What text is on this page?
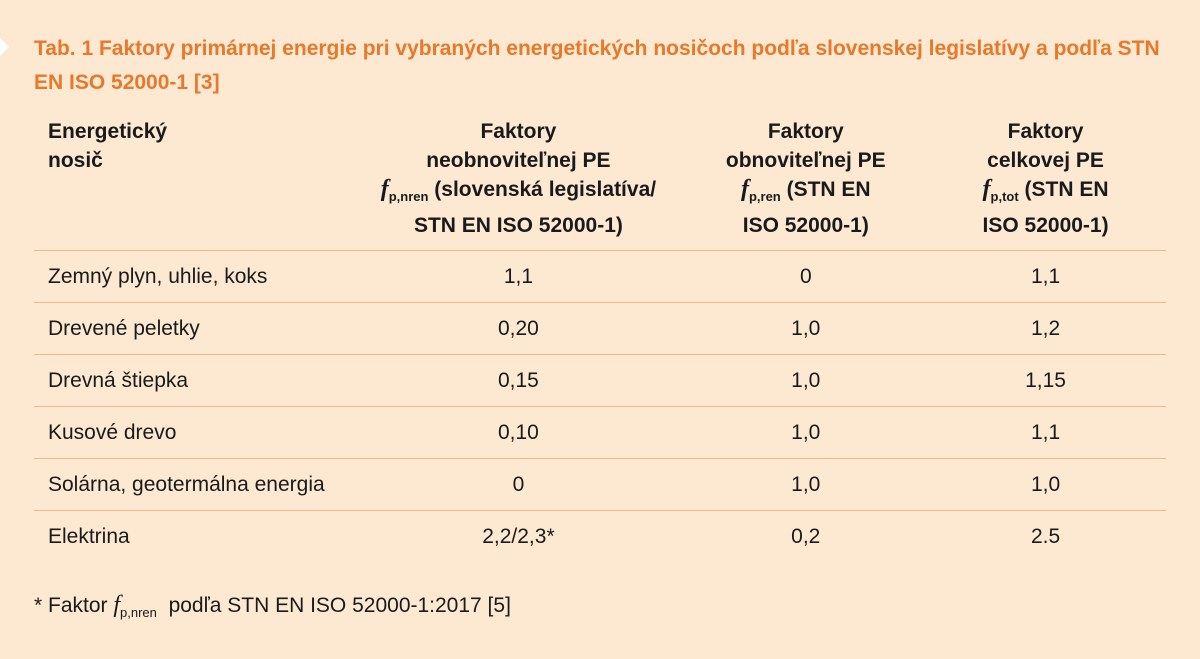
Tab. 1 Faktory primárnej energie pri vybraných energetických nosičoch podľa slovenskej legislatívy a podľa STN EN ISO 52000-1 [3]
Energetický
nosič	Faktory
neobnoviteľnej PE
$f_{p,nren}$ (slovenská legislatíva/
STN EN ISO 52000-1)	Faktory
obnoviteľnej PE
$f_{p,ren}$ (STN EN
ISO 52000-1)	Faktory
celkovej PE
$f_{p,tot}$ (STN EN
ISO 52000-1)
Zemný plyn, uhlie, koks	1,1	0	1,1
Drevené peletky	0,20	1,0	1,2
Drevná štiepka	0,15	1,0	1,15
Kusové drevo	0,10	1,0	1,1
Solárna, geotermálna energia	0	1,0	1,0
Elektrina	2,2/2,3*	0,2	2.5
* Faktor $f_{p,nren}$  podľa STN EN ISO 52000-1:2017 [5]
